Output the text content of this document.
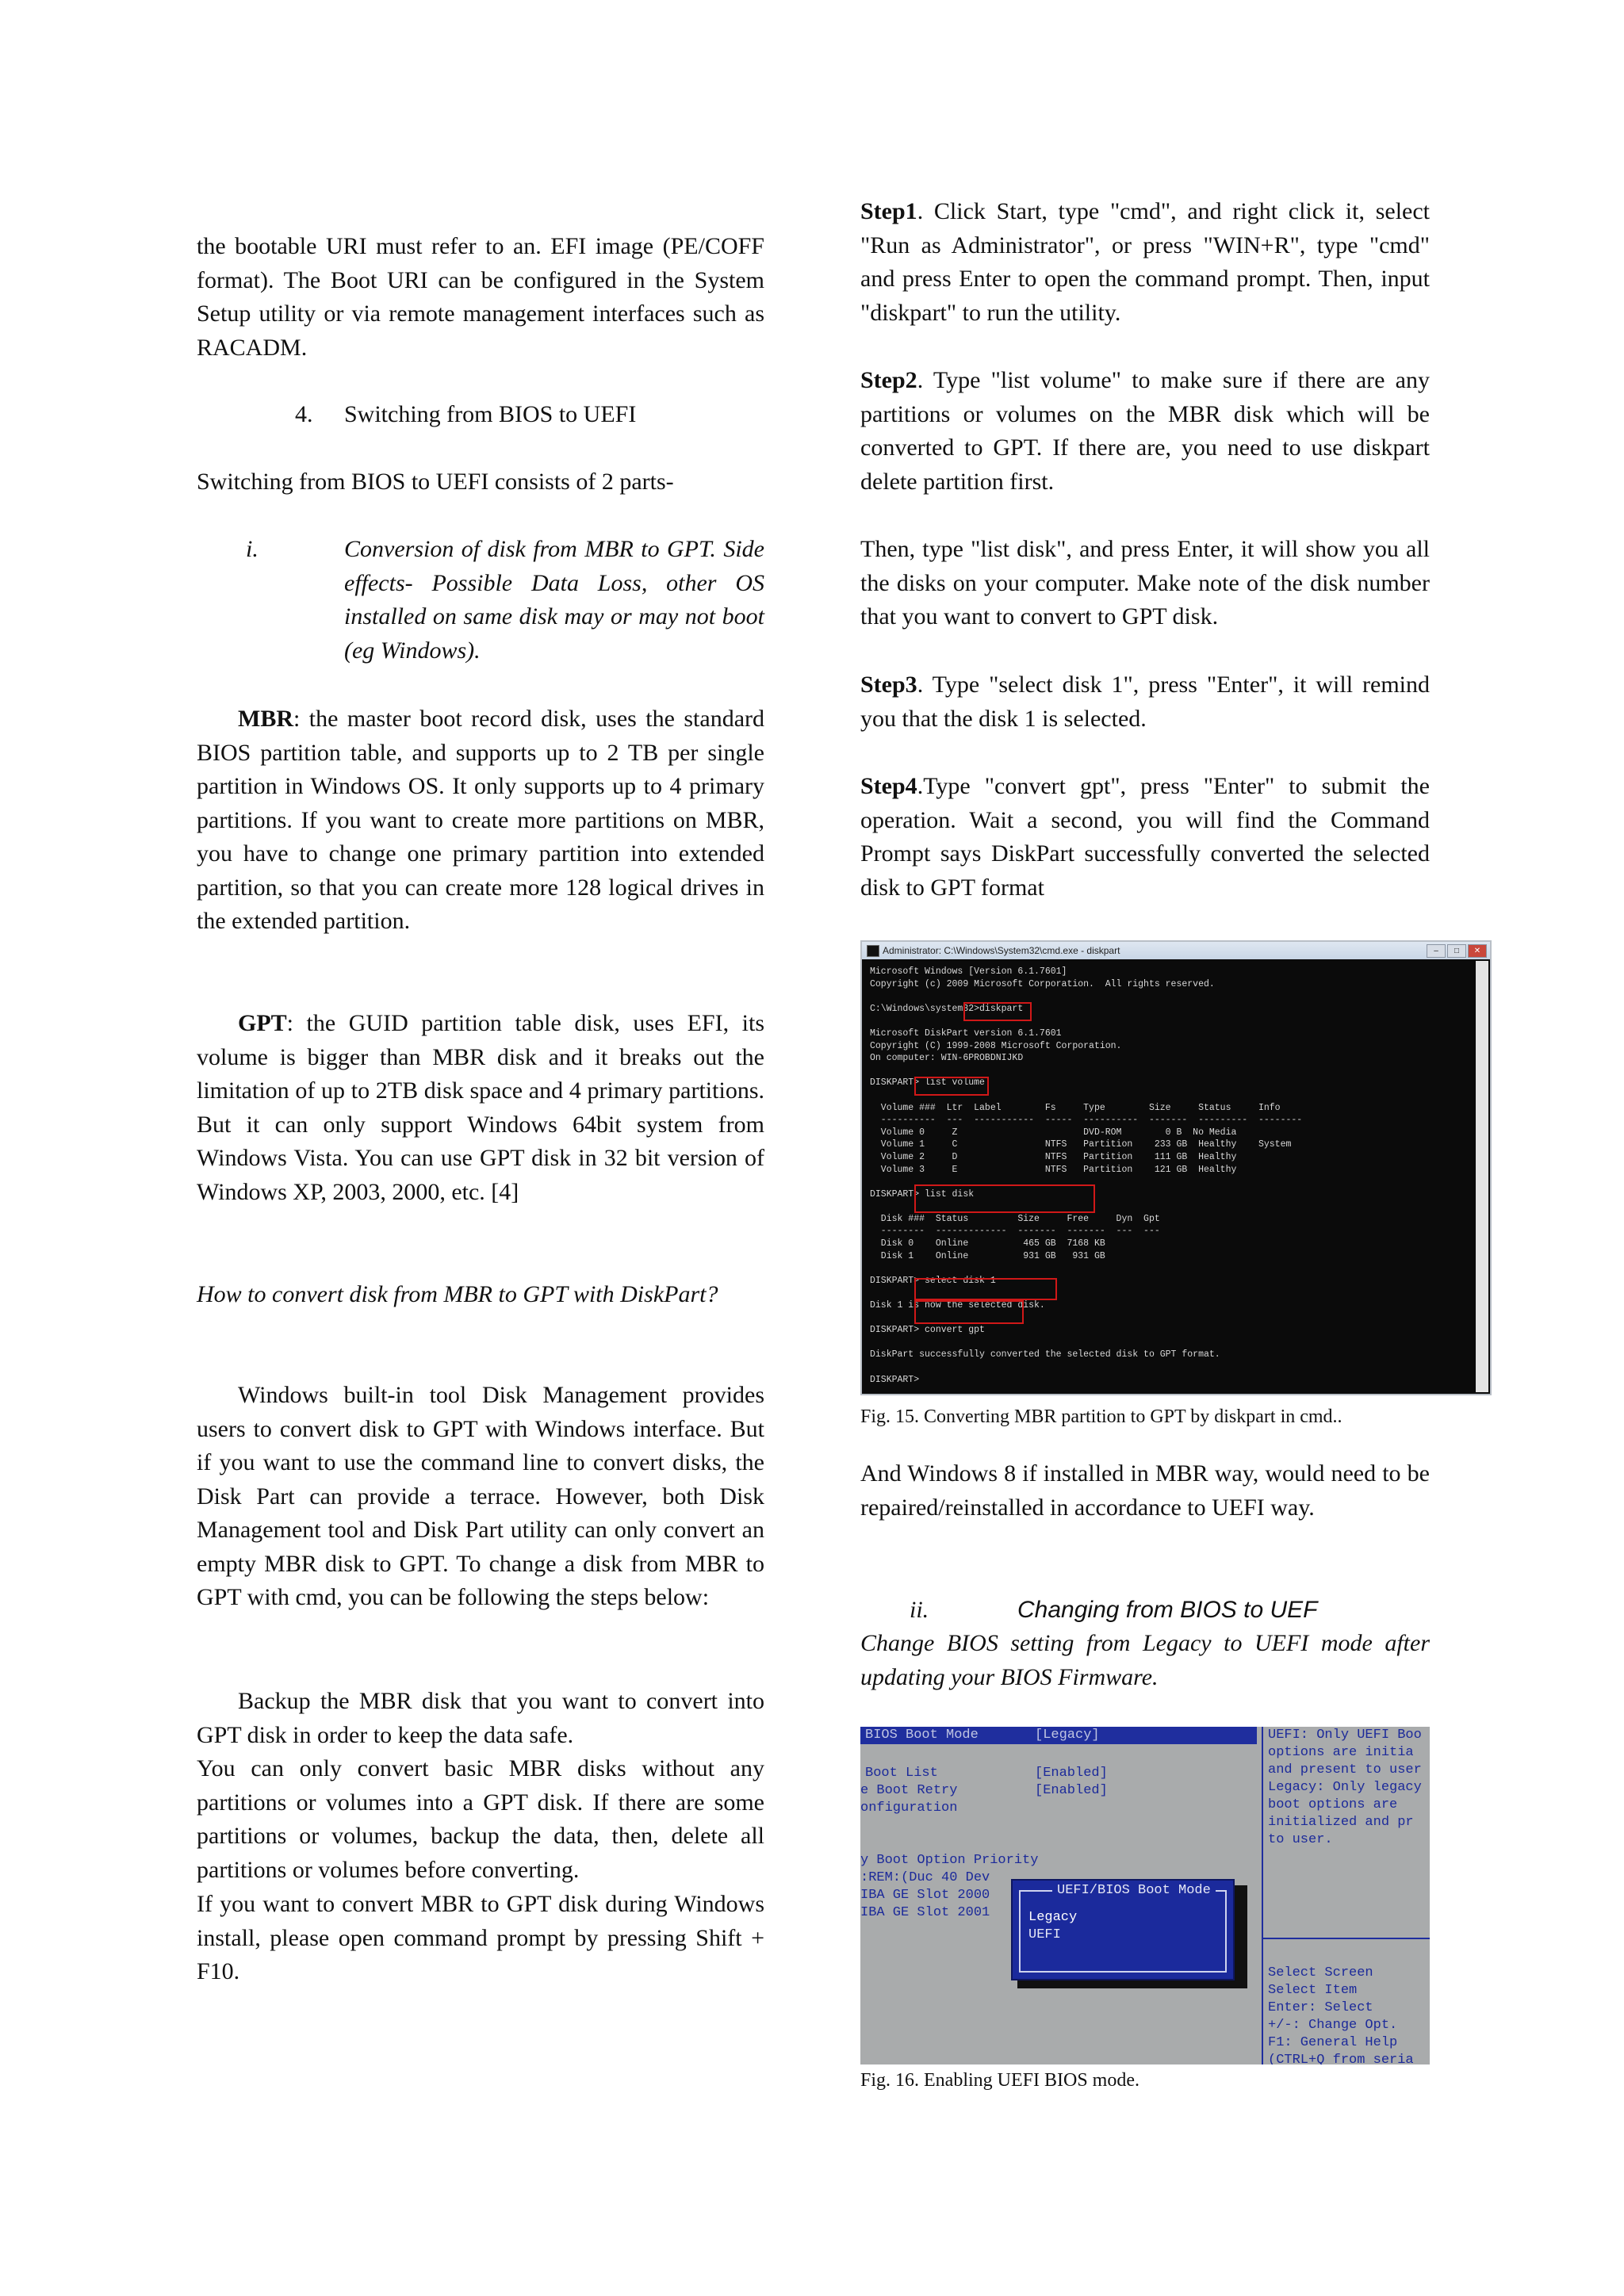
the bootable URI must refer to an. EFI image (PE/COFF format). The Boot URI can be configured in the System Setup utility or via remote management interfaces such as RACADM.
4. Switching from BIOS to UEFI
Switching from BIOS to UEFI consists of 2 parts-
i.	Conversion of disk from MBR to GPT. Side effects- Possible Data Loss, other OS installed on same disk may or may not boot (eg Windows).
MBR: the master boot record disk, uses the standard BIOS partition table, and supports up to 2 TB per single partition in Windows OS. It only supports up to 4 primary partitions. If you want to create more partitions on MBR, you have to change one primary partition into extended partition, so that you can create more 128 logical drives in the extended partition.
GPT: the GUID partition table disk, uses EFI, its volume is bigger than MBR disk and it breaks out the limitation of up to 2TB disk space and 4 primary partitions. But it can only support Windows 64bit system from Windows Vista. You can use GPT disk in 32 bit version of Windows XP, 2003, 2000, etc. [4]
How to convert disk from MBR to GPT with DiskPart?
Windows built-in tool Disk Management provides users to convert disk to GPT with Windows interface. But if you want to use the command line to convert disks, the Disk Part can provide a terrace. However, both Disk Management tool and Disk Part utility can only convert an empty MBR disk to GPT. To change a disk from MBR to GPT with cmd, you can be following the steps below:
Backup the MBR disk that you want to convert into GPT disk in order to keep the data safe.
You can only convert basic MBR disks without any partitions or volumes into a GPT disk. If there are some partitions or volumes, backup the data, then, delete all partitions or volumes before converting.
If you want to convert MBR to GPT disk during Windows install, please open command prompt by pressing Shift + F10.
Step1. Click Start, type "cmd", and right click it, select "Run as Administrator", or press "WIN+R", type "cmd" and press Enter to open the command prompt. Then, input "diskpart" to run the utility.
Step2. Type "list volume" to make sure if there are any partitions or volumes on the MBR disk which will be converted to GPT. If there are, you need to use diskpart delete partition first.
Then, type "list disk", and press Enter, it will show you all the disks on your computer. Make note of the disk number that you want to convert to GPT disk.
Step3. Type "select disk 1", press "Enter", it will remind you that the disk 1 is selected.
Step4.Type "convert gpt", press "Enter" to submit the operation. Wait a second, you will find the Command Prompt says DiskPart successfully converted the selected disk to GPT format
Administrator: C:\Windows\System32\cmd.exe - diskpart	–	□	✕
Microsoft Windows [Version 6.1.7601]
Copyright (c) 2009 Microsoft Corporation.  All rights reserved.

C:\Windows\system32>diskpart

Microsoft DiskPart version 6.1.7601
Copyright (C) 1999-2008 Microsoft Corporation.
On computer: WIN-6PROBDNIJKD

DISKPART> list volume

Volume ###  Ltr  Label        Fs     Type        Size     Status     Info
----------  ---  -----------  -----  ----------  -------  ---------  --------
Volume 0     Z                       DVD-ROM        0 B  No Media
Volume 1     C                NTFS   Partition    233 GB  Healthy    System
Volume 2     D                NTFS   Partition    111 GB  Healthy
Volume 3     E                NTFS   Partition    121 GB  Healthy

DISKPART> list disk

Disk ###  Status         Size     Free     Dyn  Gpt
--------  -------------  -------  -------  ---  ---
Disk 0    Online          465 GB  7168 KB
Disk 1    Online          931 GB   931 GB

DISKPART> select disk 1

Disk 1 is now the selected disk.

DISKPART> convert gpt

DiskPart successfully converted the selected disk to GPT format.

DISKPART>
Fig. 15. Converting MBR partition to GPT by diskpart in cmd..
And Windows 8 if installed in MBR way, would need to be repaired/reinstalled in accordance to UEFI way.
ii.	Changing from BIOS to UEF
Change BIOS setting from Legacy to UEFI mode after updating your BIOS Firmware.
BIOS Boot Mode	[Legacy]
Boot List	[Enabled]
e Boot Retry	[Enabled]
onfiguration
y Boot Option Priority
:REM:(Duc 40 Dev
IBA GE Slot 2000
IBA GE Slot 2001
UEFI: Only UEFI Boo
options are initia
and present to user
Legacy: Only legacy
boot options are
initialized and pr
to user.
Select Screen
Select Item
Enter: Select
+/-: Change Opt.
F1: General Help
(CTRL+Q from seria
UEFI/BIOS Boot Mode
Legacy
UEFI
Fig. 16. Enabling UEFI BIOS mode.
